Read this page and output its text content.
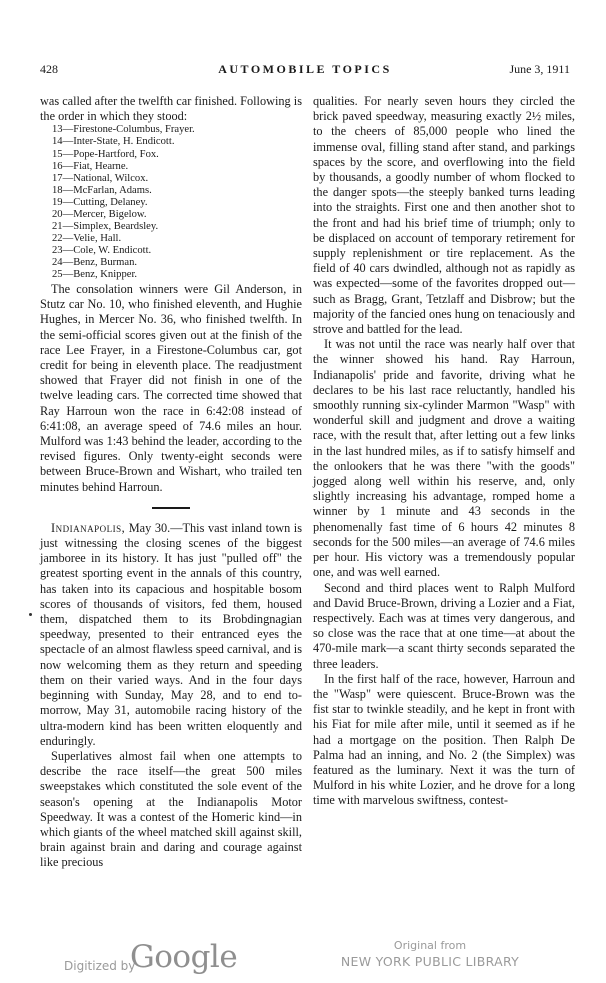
428	AUTOMOBILE TOPICS	June 3, 1911

was called after the twelfth car finished. Following is the order in which they stood:

13—Firestone-Columbus, Frayer.
14—Inter-State, H. Endicott.
15—Pope-Hartford, Fox.
16—Fiat, Hearne.
17—National, Wilcox.
18—McFarlan, Adams.
19—Cutting, Delaney.
20—Mercer, Bigelow.
21—Simplex, Beardsley.
22—Velie, Hall.
23—Cole, W. Endicott.
24—Benz, Burman.
25—Benz, Knipper.

The consolation winners were Gil Anderson, in Stutz car No. 10, who finished eleventh, and Hughie Hughes, in Mercer No. 36, who finished twelfth. In the semi-official scores given out at the finish of the race Lee Frayer, in a Firestone-Columbus car, got credit for being in eleventh place. The readjustment showed that Frayer did not finish in one of the twelve leading cars. The corrected time showed that Ray Harroun won the race in 6:42:08 instead of 6:41:08, an average speed of 74.6 miles an hour. Mulford was 1:43 behind the leader, according to the revised figures. Only twenty-eight seconds were between Bruce-Brown and Wishart, who trailed ten minutes behind Harroun.

Indianapolis, May 30.—This vast inland town is just witnessing the closing scenes of the biggest jamboree in its history. It has just "pulled off" the greatest sporting event in the annals of this country, has taken into its capacious and hospitable bosom scores of thousands of visitors, fed them, housed them, dispatched them to its Brobdingnagian speedway, presented to their entranced eyes the spectacle of an almost flawless speed carnival, and is now welcoming them as they return and speeding them on their varied ways. And in the four days beginning with Sunday, May 28, and to end to-morrow, May 31, automobile racing history of the ultra-modern kind has been written eloquently and enduringly.

Superlatives almost fail when one attempts to describe the race itself—the great 500 miles sweepstakes which constituted the sole event of the season's opening at the Indianapolis Motor Speedway. It was a contest of the Homeric kind—in which giants of the wheel matched skill against skill, brain against brain and daring and courage against like precious

qualities. For nearly seven hours they circled the brick paved speedway, measuring exactly 2½ miles, to the cheers of 85,000 people who lined the immense oval, filling stand after stand, and parkings spaces by the score, and overflowing into the field by thousands, a goodly number of whom flocked to the danger spots—the steeply banked turns leading into the straights. First one and then another shot to the front and had his brief time of triumph; only to be displaced on account of temporary retirement for supply replenishment or tire replacement. As the field of 40 cars dwindled, although not as rapidly as was expected—some of the favorites dropped out—such as Bragg, Grant, Tetzlaff and Disbrow; but the majority of the fancied ones hung on tenaciously and strove and battled for the lead.

It was not until the race was nearly half over that the winner showed his hand. Ray Harroun, Indianapolis' pride and favorite, driving what he declares to be his last race reluctantly, handled his smoothly running six-cylinder Marmon "Wasp" with wonderful skill and judgment and drove a waiting race, with the result that, after letting out a few links in the last hundred miles, as if to satisfy himself and the onlookers that he was there "with the goods" jogged along well within his reserve, and, only slightly increasing his advantage, romped home a winner by 1 minute and 43 seconds in the phenomenally fast time of 6 hours 42 minutes 8 seconds for the 500 miles—an average of 74.6 miles per hour. His victory was a tremendously popular one, and was well earned.

Second and third places went to Ralph Mulford and David Bruce-Brown, driving a Lozier and a Fiat, respectively. Each was at times very dangerous, and so close was the race that at one time—at about the 470-mile mark—a scant thirty seconds separated the three leaders.

In the first half of the race, however, Harroun and the "Wasp" were quiescent. Bruce-Brown was the fist star to twinkle steadily, and he kept in front with his Fiat for mile after mile, until it seemed as if he had a mortgage on the position. Then Ralph De Palma had an inning, and No. 2 (the Simplex) was featured as the luminary. Next it was the turn of Mulford in his white Lozier, and he drove for a long time with marvelous swiftness, contest-

Digitized by
Google	Original from
NEW YORK PUBLIC LIBRARY
